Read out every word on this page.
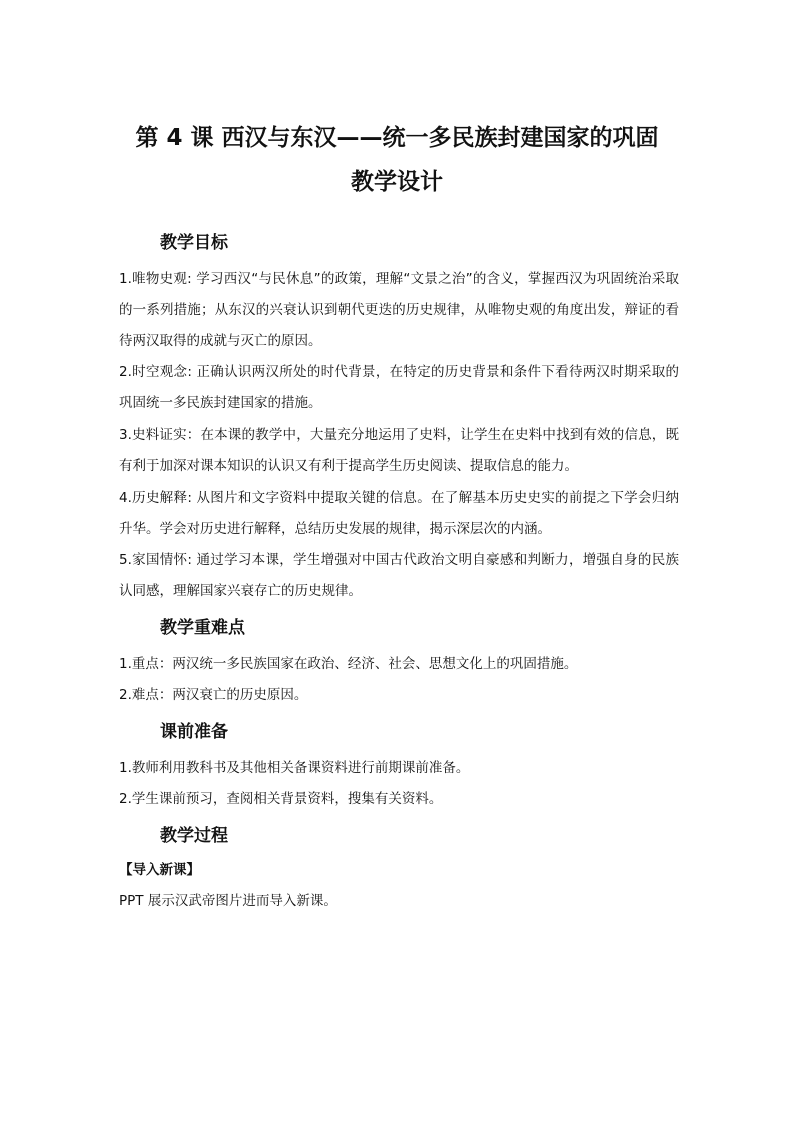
第 4 课 西汉与东汉——统一多民族封建国家的巩固
教学设计
教学目标
1.唯物史观: 学习西汉“与民休息”的政策，理解“文景之治”的含义，掌握西汉为巩固统治采取的一系列措施；从东汉的兴衰认识到朝代更迭的历史规律，从唯物史观的角度出发，辩证的看待两汉取得的成就与灭亡的原因。
2.时空观念: 正确认识两汉所处的时代背景，在特定的历史背景和条件下看待两汉时期采取的巩固统一多民族封建国家的措施。
3.史料证实：在本课的教学中，大量充分地运用了史料，让学生在史料中找到有效的信息，既有利于加深对课本知识的认识又有利于提高学生历史阅读、提取信息的能力。
4.历史解释: 从图片和文字资料中提取关键的信息。在了解基本历史史实的前提之下学会归纳升华。学会对历史进行解释，总结历史发展的规律，揭示深层次的内涵。
5.家国情怀: 通过学习本课，学生增强对中国古代政治文明自豪感和判断力，增强自身的民族认同感，理解国家兴衰存亡的历史规律。
教学重难点
1.重点：两汉统一多民族国家在政治、经济、社会、思想文化上的巩固措施。
2.难点：两汉衰亡的历史原因。
课前准备
1.教师利用教科书及其他相关备课资料进行前期课前准备。
2.学生课前预习，查阅相关背景资料，搜集有关资料。
教学过程
【导入新课】
PPT 展示汉武帝图片进而导入新课。
